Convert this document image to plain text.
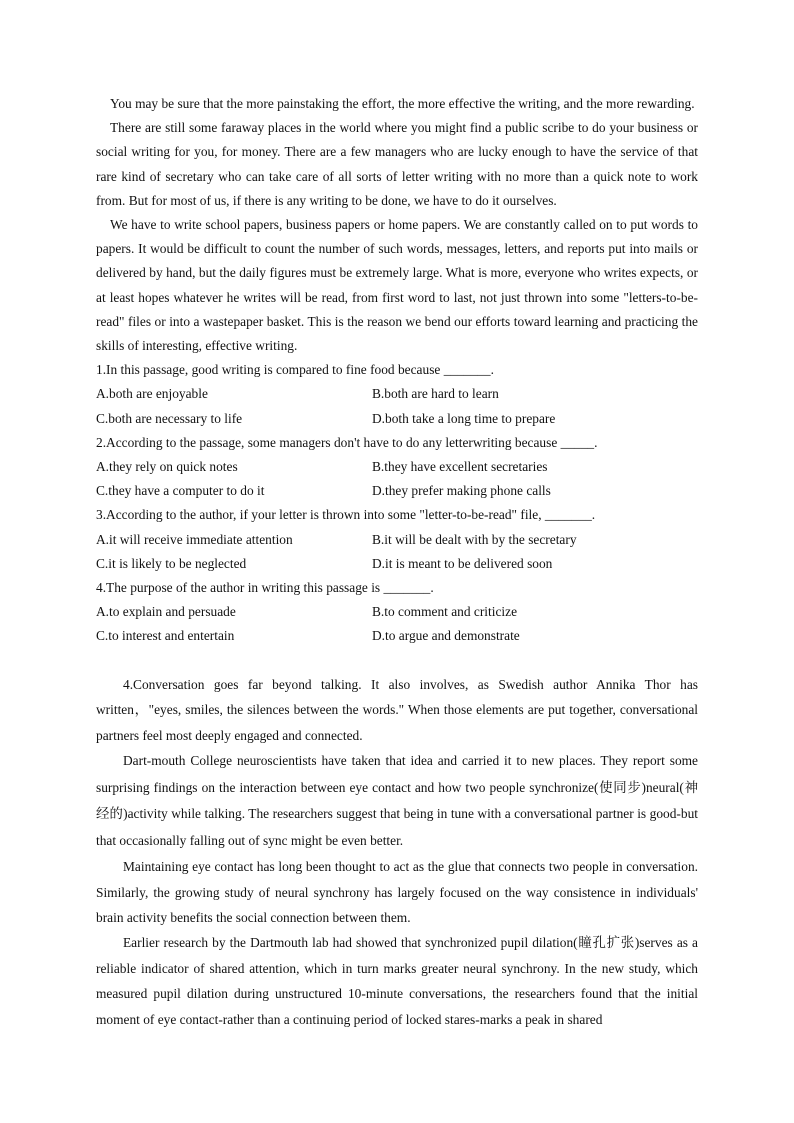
You may be sure that the more painstaking the effort, the more effective the writing, and the more rewarding.

There are still some faraway places in the world where you might find a public scribe to do your business or social writing for you, for money. There are a few managers who are lucky enough to have the service of that rare kind of secretary who can take care of all sorts of letter writing with no more than a quick note to work from. But for most of us, if there is any writing to be done, we have to do it ourselves.

We have to write school papers, business papers or home papers. We are constantly called on to put words to papers. It would be difficult to count the number of such words, messages, letters, and reports put into mails or delivered by hand, but the daily figures must be extremely large. What is more, everyone who writes expects, or at least hopes whatever he writes will be read, from first word to last, not just thrown into some "letters-to-be-read" files or into a wastepaper basket. This is the reason we bend our efforts toward learning and practicing the skills of interesting, effective writing.

1.In this passage, good writing is compared to fine food because _______.

A.both are enjoyable	B.both are hard to learn
C.both are necessary to life	D.both take a long time to prepare

2.According to the passage, some managers don't have to do any letterwriting because _____.

A.they rely on quick notes	B.they have excellent secretaries
C.they have a computer to do it	D.they prefer making phone calls

3.According to the author, if your letter is thrown into some "letter-to-be-read" file, _______.

A.it will receive immediate attention	B.it will be dealt with by the secretary
C.it is likely to be neglected	D.it is meant to be delivered soon

4.The purpose of the author in writing this passage is _______.

A.to explain and persuade	B.to comment and criticize
C.to interest and entertain	D.to argue and demonstrate

4.Conversation goes far beyond talking. It also involves, as Swedish author Annika Thor has written，"eyes, smiles, the silences between the words." When those elements are put together, conversational partners feel most deeply engaged and connected.

Dart-mouth College neuroscientists have taken that idea and carried it to new places. They report some surprising findings on the interaction between eye contact and how two people synchronize(使同步)neural(神经的)activity while talking. The researchers suggest that being in tune with a conversational partner is good-but that occasionally falling out of sync might be even better.

Maintaining eye contact has long been thought to act as the glue that connects two people in conversation. Similarly, the growing study of neural synchrony has largely focused on the way consistence in individuals' brain activity benefits the social connection between them.

Earlier research by the Dartmouth lab had showed that synchronized pupil dilation(瞳孔扩张)serves as a reliable indicator of shared attention, which in turn marks greater neural synchrony. In the new study, which measured pupil dilation during unstructured 10-minute conversations, the researchers found that the initial moment of eye contact-rather than a continuing period of locked stares-marks a peak in shared
